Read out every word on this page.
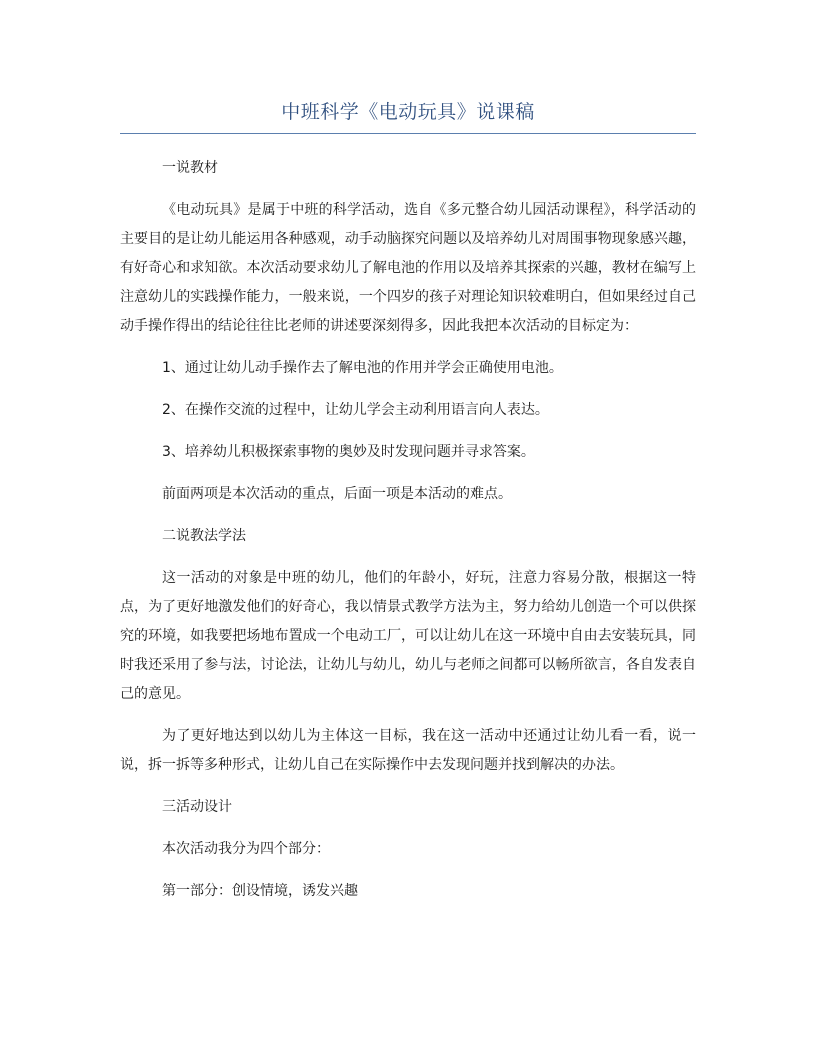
中班科学《电动玩具》说课稿

一说教材

《电动玩具》是属于中班的科学活动，选自《多元整合幼儿园活动课程》，科学活动的主要目的是让幼儿能运用各种感观，动手动脑探究问题以及培养幼儿对周围事物现象感兴趣，有好奇心和求知欲。本次活动要求幼儿了解电池的作用以及培养其探索的兴趣，教材在编写上注意幼儿的实践操作能力，一般来说，一个四岁的孩子对理论知识较难明白，但如果经过自己动手操作得出的结论往往比老师的讲述要深刻得多，因此我把本次活动的目标定为：

1、通过让幼儿动手操作去了解电池的作用并学会正确使用电池。

2、在操作交流的过程中，让幼儿学会主动利用语言向人表达。

3、培养幼儿积极探索事物的奥妙及时发现问题并寻求答案。

前面两项是本次活动的重点，后面一项是本活动的难点。

二说教法学法

这一活动的对象是中班的幼儿，他们的年龄小，好玩，注意力容易分散，根据这一特点，为了更好地激发他们的好奇心，我以情景式教学方法为主，努力给幼儿创造一个可以供探究的环境，如我要把场地布置成一个电动工厂，可以让幼儿在这一环境中自由去安装玩具，同时我还采用了参与法，讨论法，让幼儿与幼儿，幼儿与老师之间都可以畅所欲言，各自发表自己的意见。

为了更好地达到以幼儿为主体这一目标，我在这一活动中还通过让幼儿看一看，说一说，拆一拆等多种形式，让幼儿自己在实际操作中去发现问题并找到解决的办法。

三活动设计

本次活动我分为四个部分：

第一部分：创设情境，诱发兴趣
